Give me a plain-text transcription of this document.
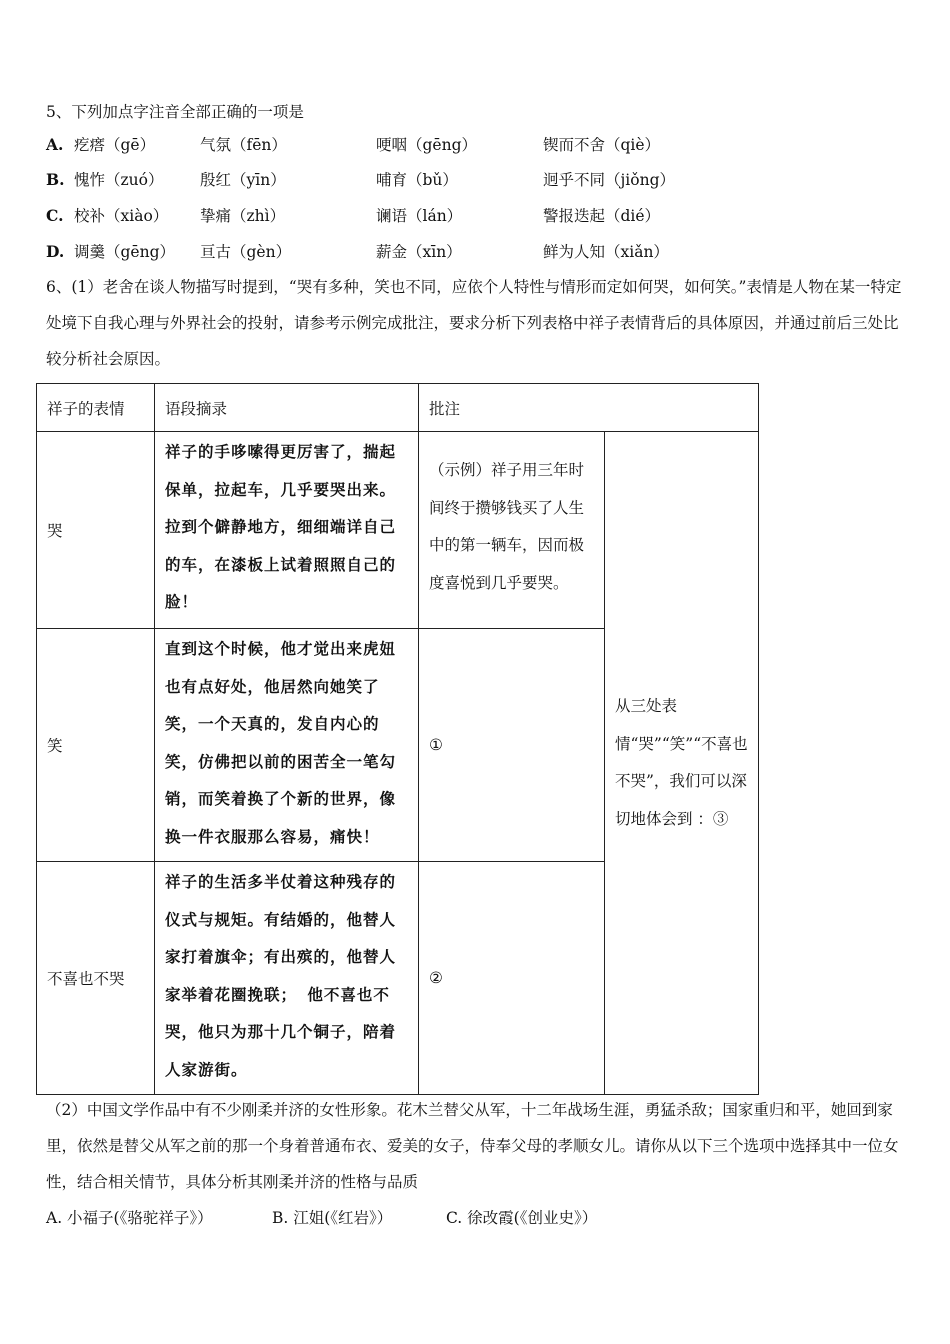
5、下列加点字注音全部正确的一项是
A. 疙瘩（gē）	气氛（fēn）	哽咽（gēng）	锲而不舍（qiè）
B. 愧怍（zuó） 殷红（yīn）	哺育（bǔ）	迥乎不同（jiǒng）
C. 校补（xiào） 挚痛（zhì）	谰语（lán）	警报迭起（dié）
D. 调羹（gēng） 亘古（gèn）	薪金（xīn）	鲜为人知（xiǎn）
6、(1）老舍在谈人物描写时提到，“哭有多种，笑也不同，应依个人特性与情形而定如何哭，如何笑。”表情是人物在某一特定处境下自我心理与外界社会的投射，请参考示例完成批注，要求分析下列表格中祥子表情背后的具体原因，并通过前后三处比较分析社会原因。
祥子的表情	语段摘录	批注	
哭	祥子的手哆嗦得更厉害了，揣起保单，拉起车，几乎要哭出来。拉到个僻静地方，细细端详自己的车，在漆板上试着照照自己的脸！	（示例）祥子用三年时间终于攒够钱买了人生中的第一辆车，因而极度喜悦到几乎要哭。	从三处表情“哭”“笑”“不喜也不哭”，我们可以深切地体会到 ：③
笑	直到这个时候，他才觉出来虎妞也有点好处，他居然向她笑了笑，一个天真的，发自内心的笑，仿佛把以前的困苦全一笔勾销，而笑着换了个新的世界，像换一件衣服那么容易，痛快！	①	
不喜也不哭	祥子的生活多半仗着这种残存的仪式与规矩。有结婚的，他替人家打着旗伞；有出殡的，他替人家举着花圈挽联； 他不喜也不哭，他只为那十几个铜子，陪着人家游街。	②	
（2）中国文学作品中有不少刚柔并济的女性形象。花木兰替父从军，十二年战场生涯，勇猛杀敌；国家重归和平，她回到家里，依然是替父从军之前的那一个身着普通布衣、爱美的女子，侍奉父母的孝顺女儿。请你从以下三个选项中选择其中一位女性，结合相关情节，具体分析其刚柔并济的性格与品质
A. 小福子(《骆驼祥子》）	B. 江姐(《红岩》）	C. 徐改霞(《创业史》）
